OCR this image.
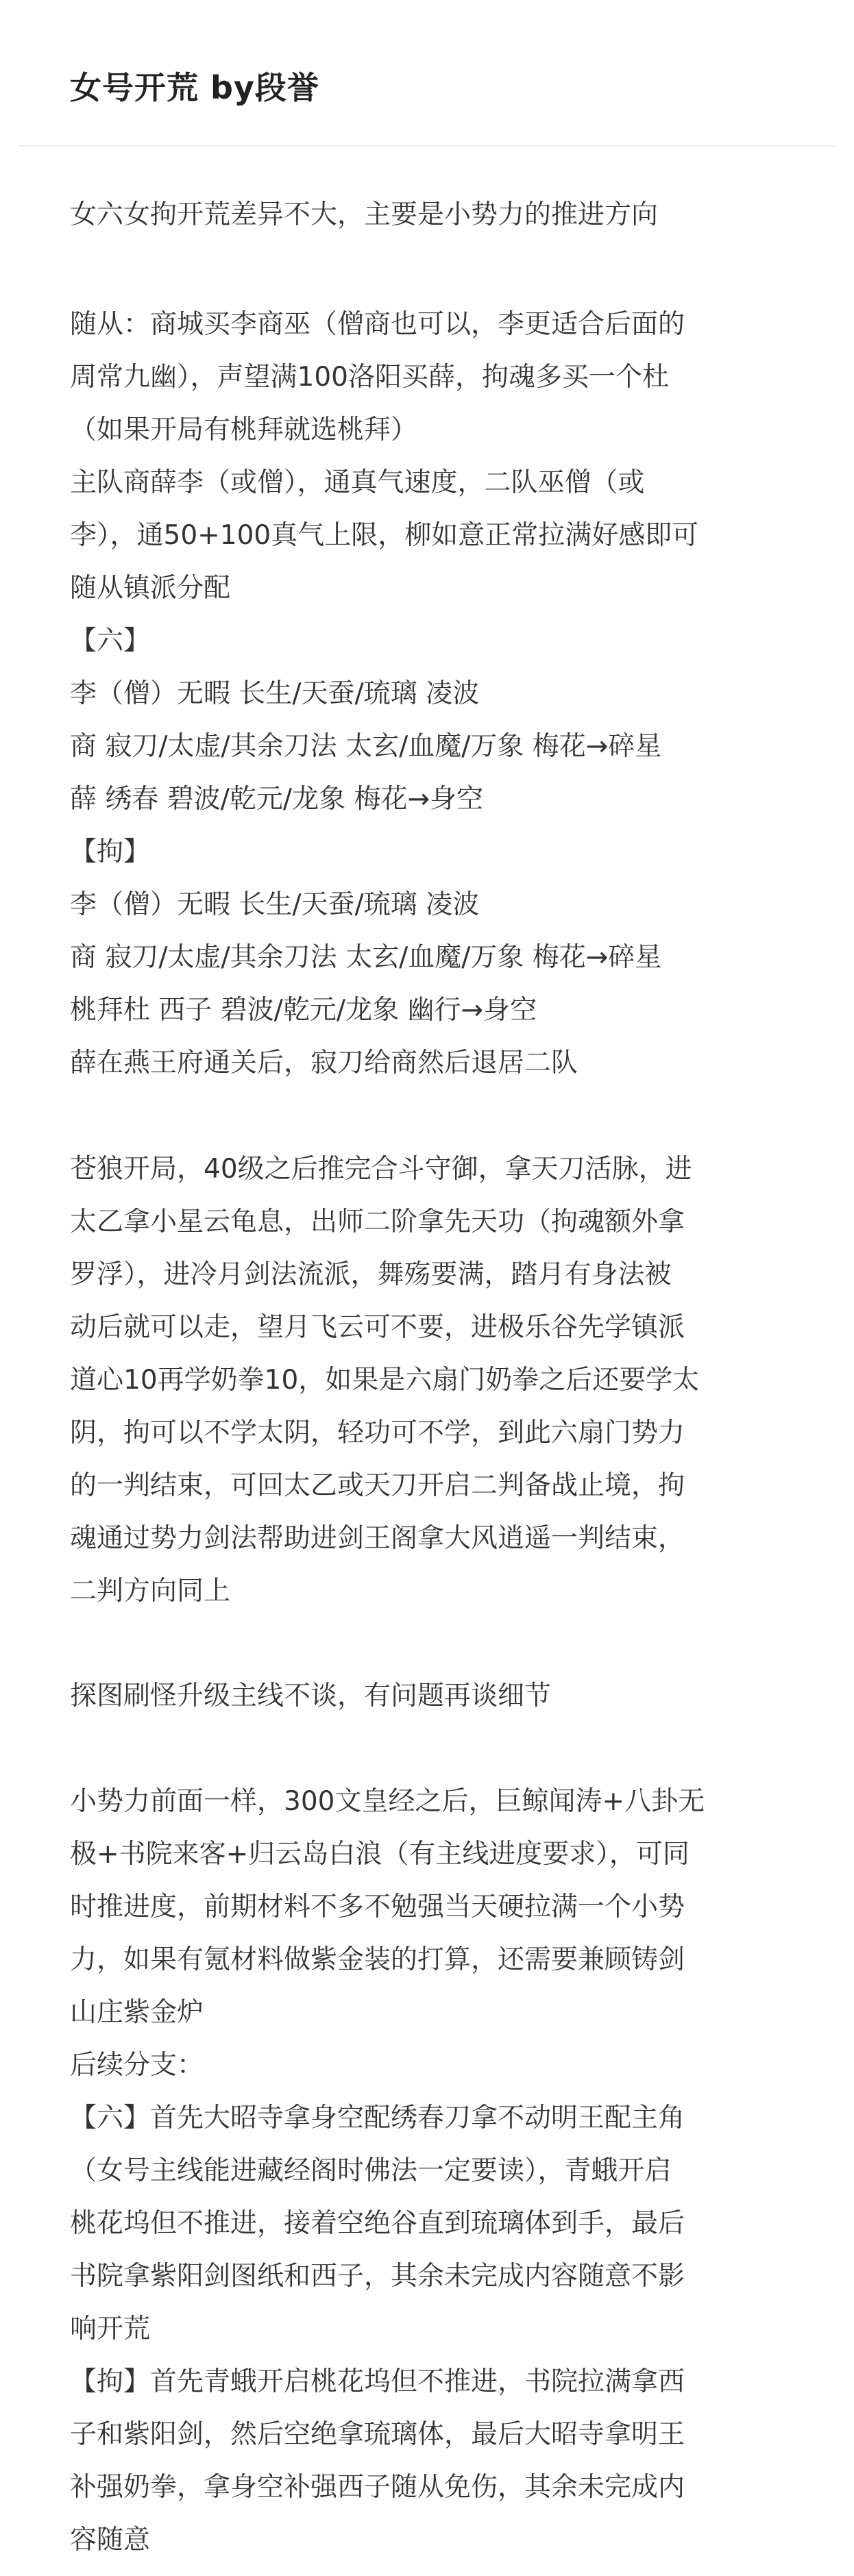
女号开荒 by段誉
女六女拘开荒差异不大，主要是小势力的推进方向
随从：商城买李商巫（僧商也可以，李更适合后面的
周常九幽），声望满100洛阳买薛，拘魂多买一个杜
（如果开局有桃拜就选桃拜）
主队商薛李（或僧），通真气速度，二队巫僧（或
李），通50+100真气上限，柳如意正常拉满好感即可
随从镇派分配
【六】
李（僧）无暇 长生/天蚕/琉璃 凌波
商 寂刀/太虚/其余刀法 太玄/血魔/万象 梅花→碎星
薛 绣春 碧波/乾元/龙象 梅花→身空
【拘】
李（僧）无暇 长生/天蚕/琉璃 凌波
商 寂刀/太虚/其余刀法 太玄/血魔/万象 梅花→碎星
桃拜杜 西子 碧波/乾元/龙象 幽行→身空
薛在燕王府通关后，寂刀给商然后退居二队
苍狼开局，40级之后推完合斗守御，拿天刀活脉，进
太乙拿小星云龟息，出师二阶拿先天功（拘魂额外拿
罗浮），进冷月剑法流派，舞殇要满，踏月有身法被
动后就可以走，望月飞云可不要，进极乐谷先学镇派
道心10再学奶拳10，如果是六扇门奶拳之后还要学太
阴，拘可以不学太阴，轻功可不学，到此六扇门势力
的一判结束，可回太乙或天刀开启二判备战止境，拘
魂通过势力剑法帮助进剑王阁拿大风逍遥一判结束，
二判方向同上
探图刷怪升级主线不谈，有问题再谈细节
小势力前面一样，300文皇经之后，巨鲸闻涛+八卦无
极+书院来客+归云岛白浪（有主线进度要求），可同
时推进度，前期材料不多不勉强当天硬拉满一个小势
力，如果有氪材料做紫金装的打算，还需要兼顾铸剑
山庄紫金炉
后续分支：
【六】首先大昭寺拿身空配绣春刀拿不动明王配主角
（女号主线能进藏经阁时佛法一定要读），青蛾开启
桃花坞但不推进，接着空绝谷直到琉璃体到手，最后
书院拿紫阳剑图纸和西子，其余未完成内容随意不影
响开荒
【拘】首先青蛾开启桃花坞但不推进，书院拉满拿西
子和紫阳剑，然后空绝拿琉璃体，最后大昭寺拿明王
补强奶拳，拿身空补强西子随从免伤，其余未完成内
容随意
